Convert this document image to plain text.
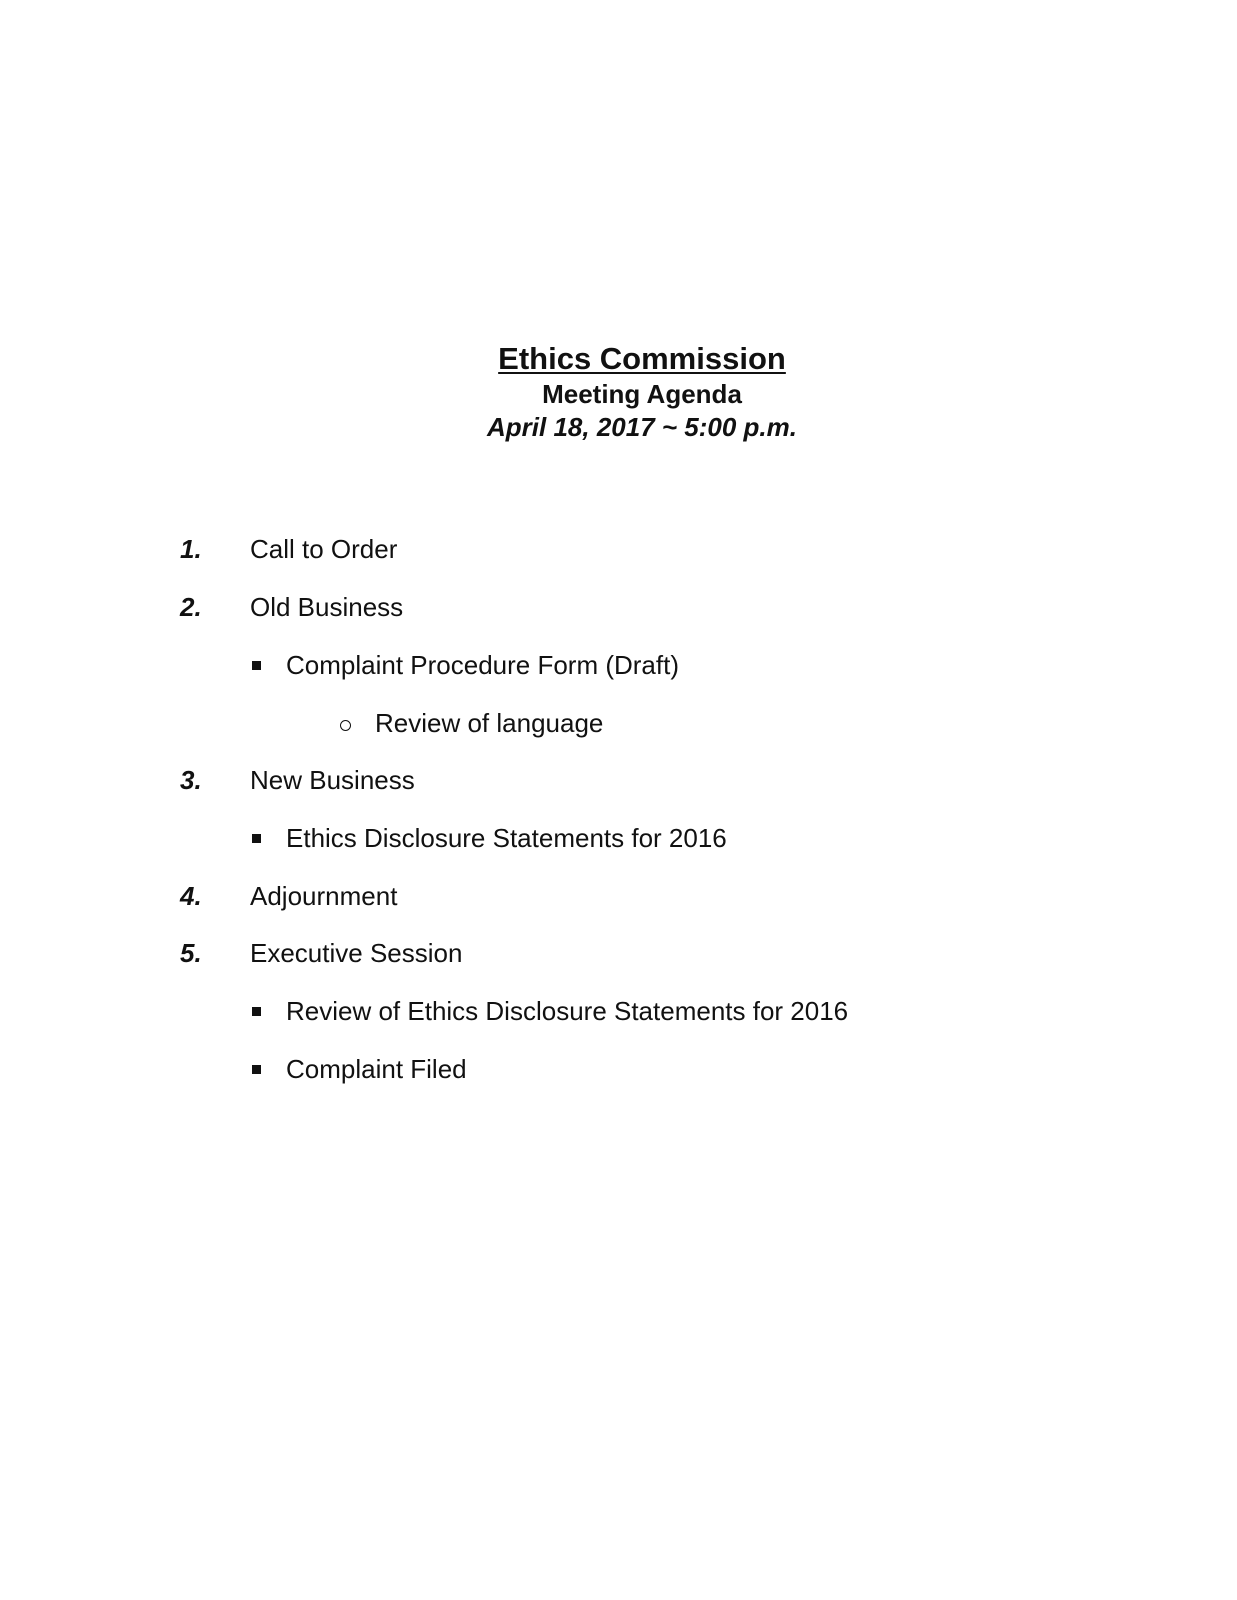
Ethics Commission

Meeting Agenda

April 18, 2017 ~ 5:00 p.m.

1. Call to Order
2. Old Business
Complaint Procedure Form (Draft)
Review of language
3. New Business
Ethics Disclosure Statements for 2016
4. Adjournment
5. Executive Session
Review of Ethics Disclosure Statements for 2016
Complaint Filed
